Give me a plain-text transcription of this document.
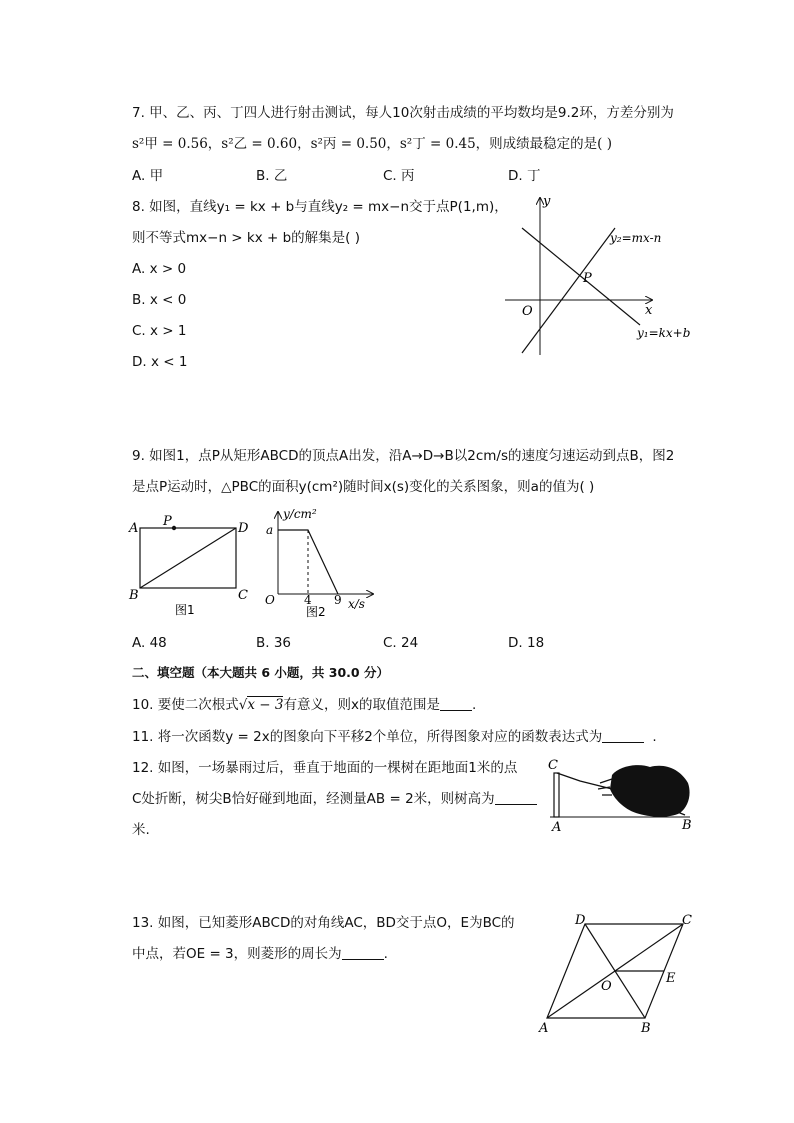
7. 甲、乙、丙、丁四人进行射击测试，每人10次射击成绩的平均数均是9.2环，方差分别为
s²甲 = 0.56，s²乙 = 0.60，s²丙 = 0.50，s²丁 = 0.45，则成绩最稳定的是( )
A. 甲	B. 乙	C. 丙	D. 丁
8. 如图，直线y₁ = kx + b与直线y₂ = mx−n交于点P(1,m)，
则不等式mx−n > kx + b的解集是( )
A. x > 0
B. x < 0
C. x > 1
D. x < 1
y
x
O
P
y₂=mx-n
y₁=kx+b
9. 如图1，点P从矩形ABCD的顶点A出发，沿A→D→B以2cm/s的速度匀速运动到点B，图2
是点P运动时，△PBC的面积y(cm²)随时间x(s)变化的关系图象，则a的值为( )
A P	D
B	C
图1
y/cm²
a
O 4 9 x/s
图2
A. 48	B. 36	C. 24	D. 18
二、填空题（本大题共 6 小题，共 30.0 分）
10. 要使二次根式√x − 3有意义，则x的取值范围是 .
11. 将一次函数y = 2x的图象向下平移2个单位，所得图象对应的函数表达式为	.
12. 如图，一场暴雨过后，垂直于地面的一棵树在距地面1米的点
C处折断，树尖B恰好碰到地面，经测量AB = 2米，则树高为
米.
C
A	B
13. 如图，已知菱形ABCD的对角线AC，BD交于点O，E为BC的
中点，若OE = 3，则菱形的周长为	.
A	B
C
D
O
E
